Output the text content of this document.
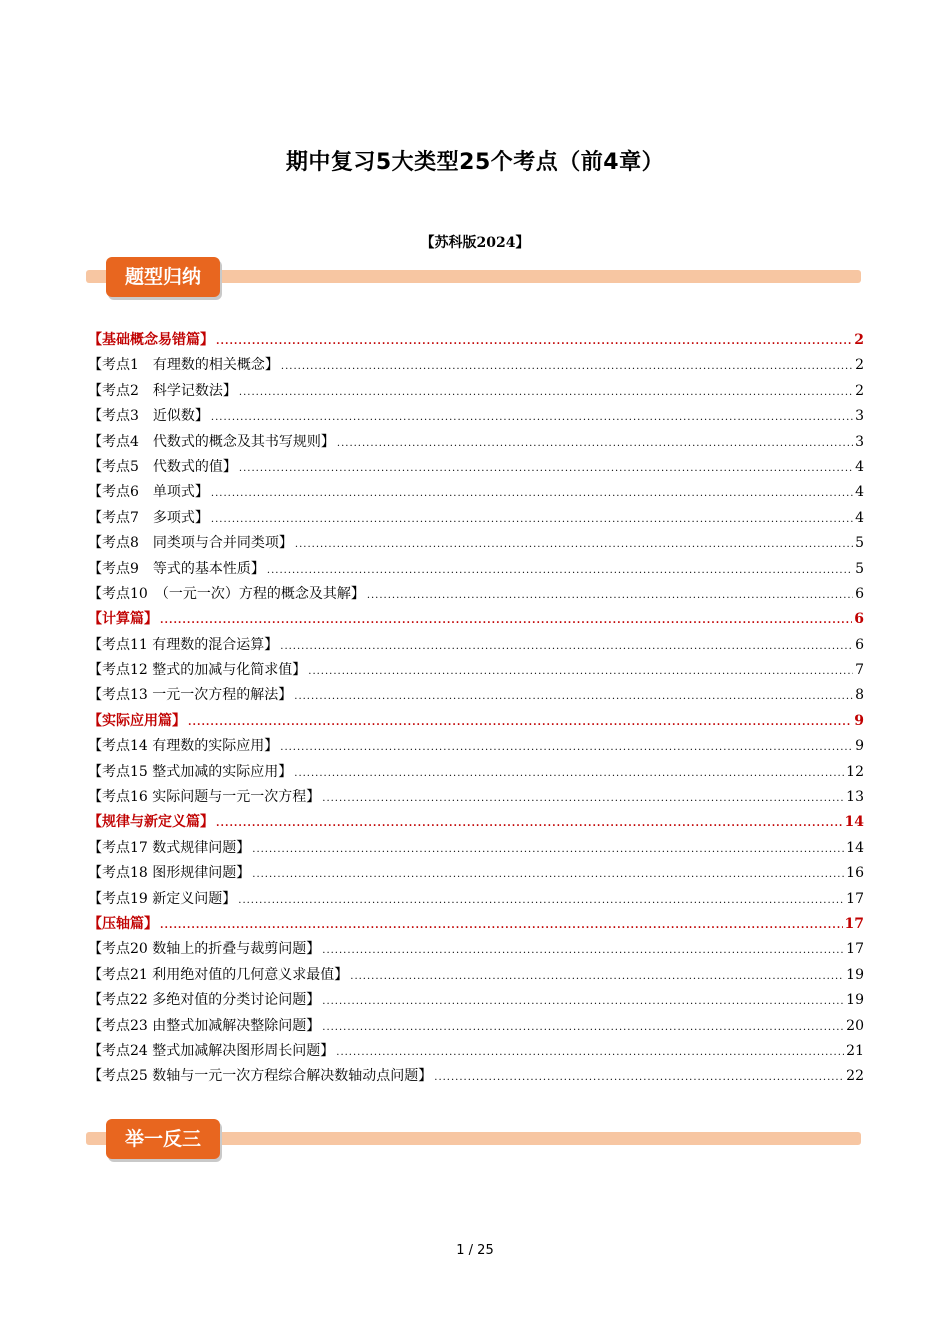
期中复习5大类型25个考点（前4章）
【苏科版2024】
题型归纳
【基础概念易错篇】 .....	2
【考点1　有理数的相关概念】 .....	2
【考点2　科学记数法】 .....	2
【考点3　近似数】 .....	3
【考点4　代数式的概念及其书写规则】 .....	3
【考点5　代数式的值】 .....	4
【考点6　单项式】 .....	4
【考点7　多项式】 .....	4
【考点8　同类项与合并同类项】 .....	5
【考点9　等式的基本性质】 .....	5
【考点10　（一元一次）方程的概念及其解】 .....	6
【计算篇】 .....	6
【考点11 有理数的混合运算】 .....	6
【考点12 整式的加减与化简求值】 .....	7
【考点13 一元一次方程的解法】 .....	8
【实际应用篇】 .....	9
【考点14 有理数的实际应用】 .....	9
【考点15 整式加减的实际应用】 .....	12
【考点16 实际问题与一元一次方程】 .....	13
【规律与新定义篇】 .....	14
【考点17 数式规律问题】 .....	14
【考点18 图形规律问题】 .....	16
【考点19 新定义问题】 .....	17
【压轴篇】 .....	17
【考点20 数轴上的折叠与裁剪问题】 .....	17
【考点21 利用绝对值的几何意义求最值】 .....	19
【考点22 多绝对值的分类讨论问题】 .....	19
【考点23 由整式加减解决整除问题】 .....	20
【考点24 整式加减解决图形周长问题】 .....	21
【考点25 数轴与一元一次方程综合解决数轴动点问题】 .....	22
举一反三
1 / 25
